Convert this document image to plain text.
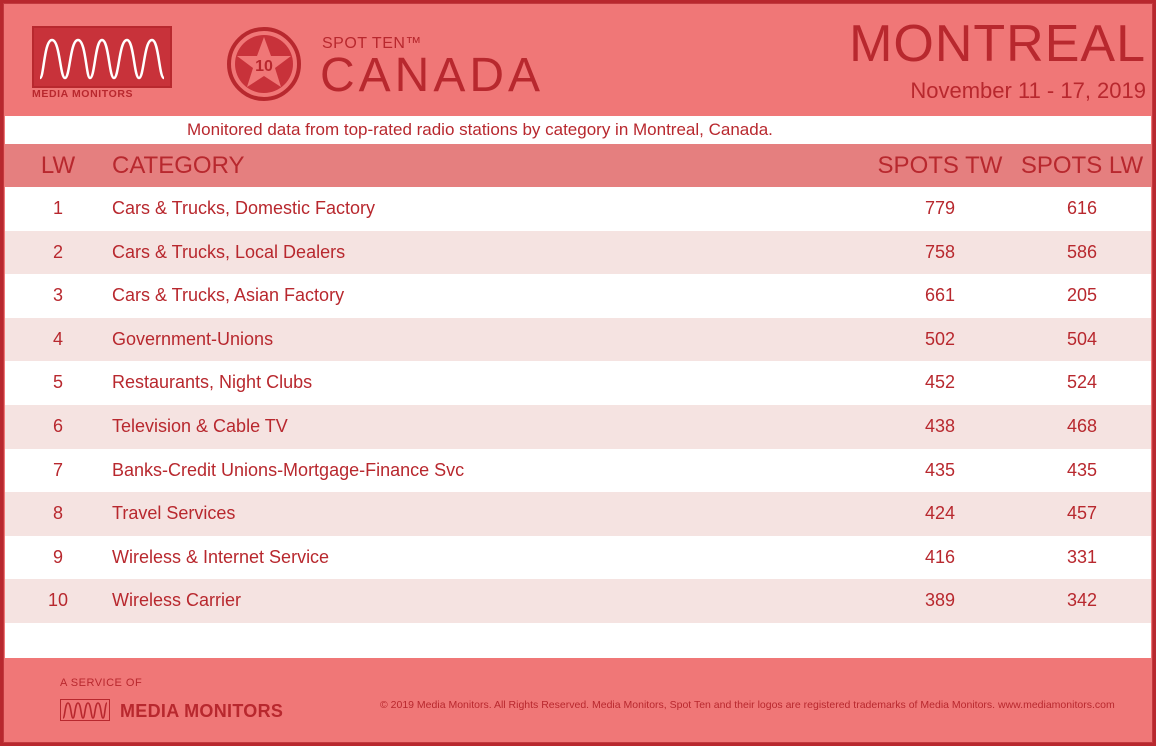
MEDIA MONITORS
10
SPOT TEN™
CANADA
MONTREAL
November 11 - 17, 2019
Monitored data from top-rated radio stations by category in Montreal, Canada.
LW	CATEGORY	SPOTS TW SPOTS LW
1	Cars & Trucks, Domestic Factory	779	616
2	Cars & Trucks, Local Dealers	758	586
3	Cars & Trucks, Asian Factory	661	205
4	Government-Unions	502	504
5	Restaurants, Night Clubs	452	524
6	Television & Cable TV	438	468
7	Banks-Credit Unions-Mortgage-Finance Svc	435	435
8	Travel Services	424	457
9	Wireless & Internet Service	416	331
10	Wireless Carrier	389	342
A SERVICE OF
MEDIA MONITORS	© 2019 Media Monitors. All Rights Reserved. Media Monitors, Spot Ten and their logos are registered trademarks of Media Monitors. www.mediamonitors.com
